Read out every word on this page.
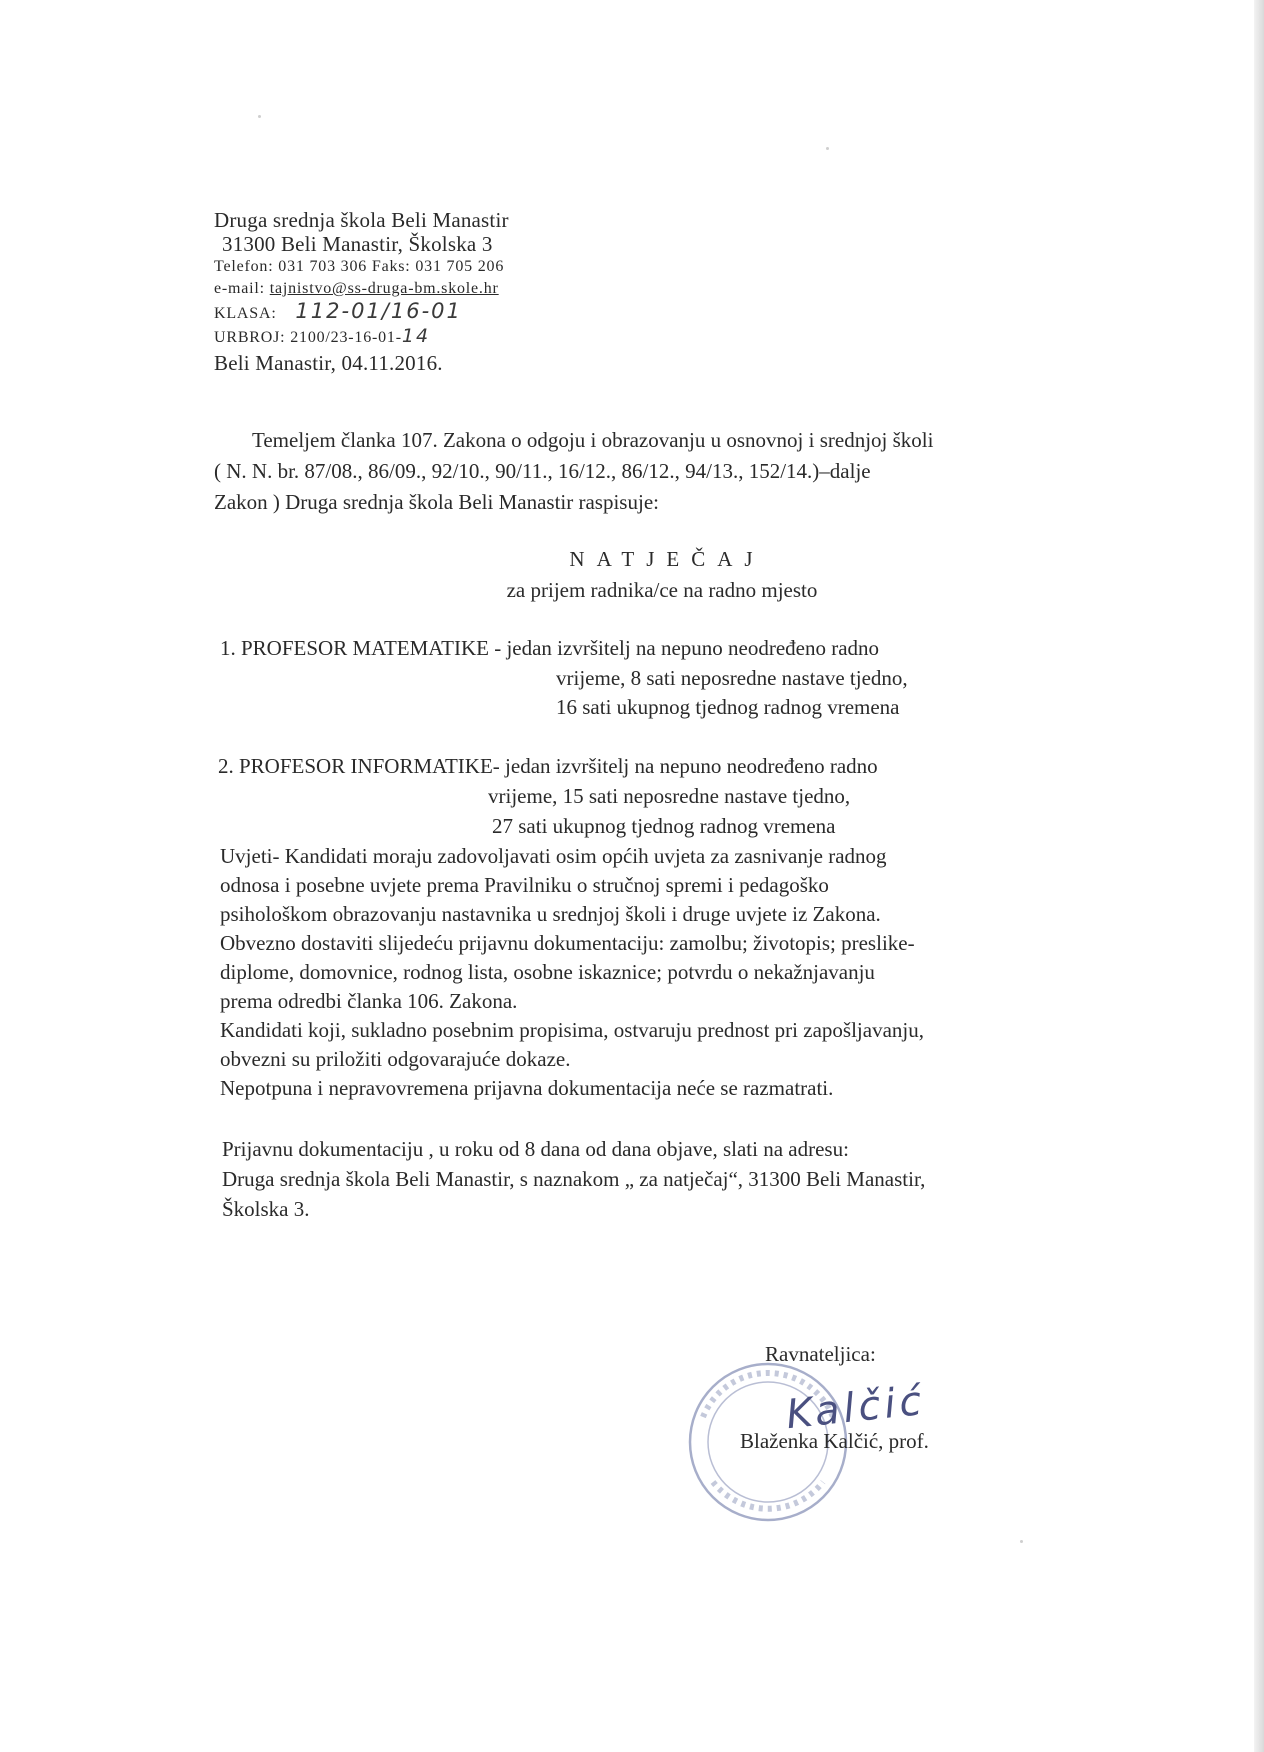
Druga srednja škola Beli Manastir
31300 Beli Manastir, Školska 3
Telefon: 031 703 306 Faks: 031 705 206
e-mail: tajnistvo@ss-druga-bm.skole.hr
KLASA: 112-01/16-01
URBROJ: 2100/23-16-01-14
Beli Manastir, 04.11.2016.
Temeljem članka 107. Zakona o odgoju i obrazovanju u osnovnoj i srednjoj školi
( N. N. br. 87/08., 86/09., 92/10., 90/11., 16/12., 86/12., 94/13., 152/14.)–dalje
Zakon ) Druga srednja škola Beli Manastir raspisuje:
NATJEČAJ
za prijem radnika/ce na radno mjesto
1. PROFESOR MATEMATIKE - jedan izvršitelj na nepuno neodređeno radno
vrijeme, 8 sati neposredne nastave tjedno,
16 sati ukupnog tjednog radnog vremena
2. PROFESOR INFORMATIKE- jedan izvršitelj na nepuno neodređeno radno
vrijeme, 15 sati neposredne nastave tjedno,
27 sati ukupnog tjednog radnog vremena
Uvjeti- Kandidati moraju zadovoljavati osim općih uvjeta za zasnivanje radnog
odnosa i posebne uvjete prema Pravilniku o stručnoj spremi i pedagoško
psihološkom obrazovanju nastavnika u srednjoj školi i druge uvjete iz Zakona.
Obvezno dostaviti slijedeću prijavnu dokumentaciju: zamolbu; životopis; preslike-
diplome, domovnice, rodnog lista, osobne iskaznice; potvrdu o nekažnjavanju
prema odredbi članka 106. Zakona.
Kandidati koji, sukladno posebnim propisima, ostvaruju prednost pri zapošljavanju,
obvezni su priložiti odgovarajuće dokaze.
Nepotpuna i nepravovremena prijavna dokumentacija neće se razmatrati.
Prijavnu dokumentaciju , u roku od 8 dana od dana objave, slati na adresu:
Druga srednja škola Beli Manastir, s naznakom „ za natječaj“, 31300 Beli Manastir,
Školska 3.
Ravnateljica:
Kalčić
Blaženka Kalčić, prof.
